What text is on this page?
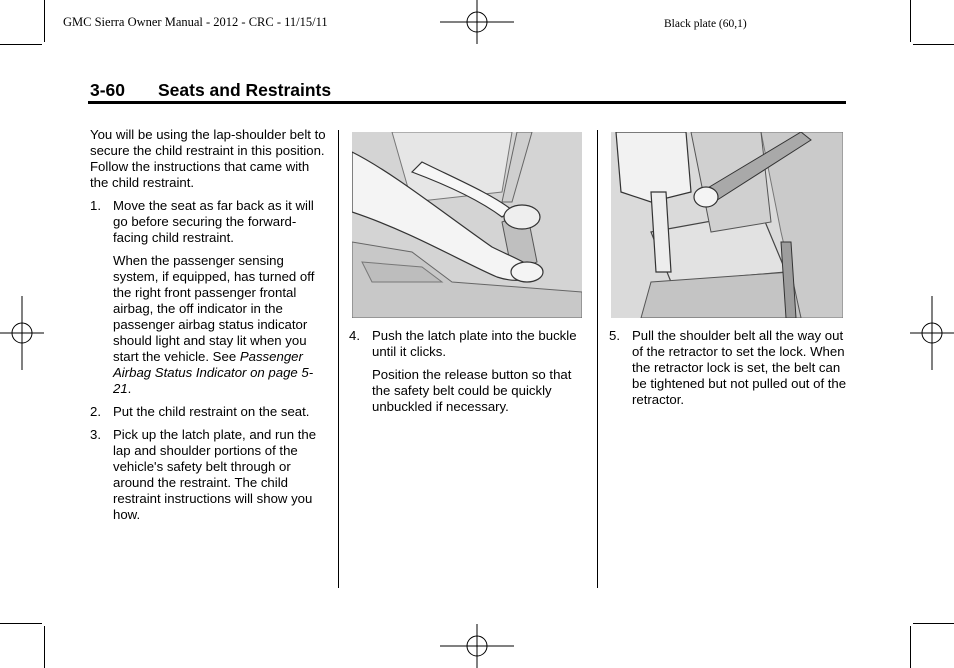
GMC Sierra Owner Manual - 2012 - CRC - 11/15/11	Black plate (60,1)
3-60 Seats and Restraints

You will be using the lap-shoulder belt to secure the child restraint in this position. Follow the instructions that came with the child restraint.

1. Move the seat as far back as it will go before securing the forward-facing child restraint.
When the passenger sensing system, if equipped, has turned off the right front passenger frontal airbag, the off indicator in the passenger airbag status indicator should light and stay lit when you start the vehicle. See Passenger Airbag Status Indicator on page 5-21.
2. Put the child restraint on the seat.
3. Pick up the latch plate, and run the lap and shoulder portions of the vehicle's safety belt through or around the restraint. The child restraint instructions will show you how.
4. Push the latch plate into the buckle until it clicks.
Position the release button so that the safety belt could be quickly unbuckled if necessary.
5. Pull the shoulder belt all the way out of the retractor to set the lock. When the retractor lock is set, the belt can be tightened but not pulled out of the retractor.
